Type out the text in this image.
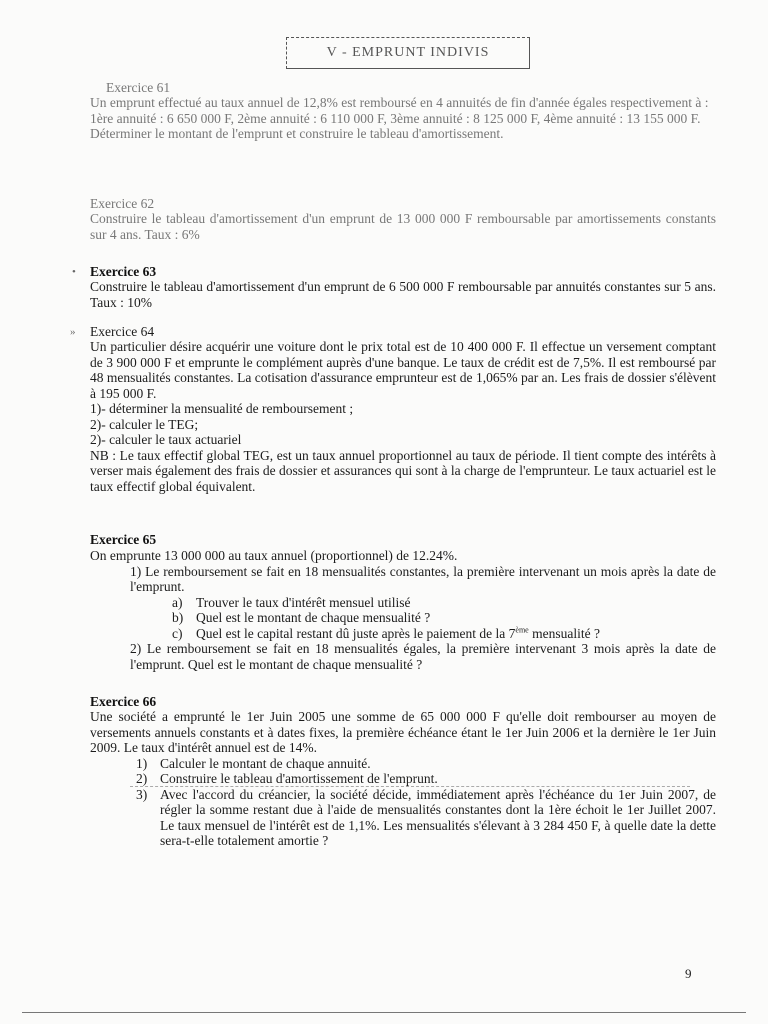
V - EMPRUNT INDIVIS
Exercice 61
Un emprunt effectué au taux annuel de 12,8% est remboursé en 4 annuités de fin d'année égales respectivement à :
1ère annuité : 6 650 000 F, 2ème annuité : 6 110 000 F, 3ème annuité : 8 125 000 F, 4ème annuité : 13 155 000 F.
Déterminer le montant de l'emprunt et construire le tableau d'amortissement.
Exercice 62
Construire le tableau d'amortissement d'un emprunt de 13 000 000 F remboursable par amortissements constants sur 4 ans. Taux : 6%
• Exercice 63
Construire le tableau d'amortissement d'un emprunt de 6 500 000 F remboursable par annuités constantes sur 5 ans. Taux : 10%
» Exercice 64
Un particulier désire acquérir une voiture dont le prix total est de 10 400 000 F. Il effectue un versement comptant de 3 900 000 F et emprunte le complément auprès d'une banque. Le taux de crédit est de 7,5%. Il est remboursé par 48 mensualités constantes. La cotisation d'assurance emprunteur est de 1,065% par an. Les frais de dossier s'élèvent à 195 000 F.
1)- déterminer la mensualité de remboursement ;
2)- calculer le TEG;
2)- calculer le taux actuariel
NB : Le taux effectif global TEG, est un taux annuel proportionnel au taux de période. Il tient compte des intérêts à verser mais également des frais de dossier et assurances qui sont à la charge de l'emprunteur. Le taux actuariel est le taux effectif global équivalent.
Exercice 65
On emprunte 13 000 000 au taux annuel (proportionnel) de 12.24%.
1) Le remboursement se fait en 18 mensualités constantes, la première intervenant un mois après la date de l'emprunt.
a)	Trouver le taux d'intérêt mensuel utilisé
b) Quel est le montant de chaque mensualité ?
c)	Quel est le capital restant dû juste après le paiement de la 7ème mensualité ?
2) Le remboursement se fait en 18 mensualités égales, la première intervenant 3 mois après la date de l'emprunt. Quel est le montant de chaque mensualité ?
Exercice 66
Une société a emprunté le 1er Juin 2005 une somme de 65 000 000 F qu'elle doit rembourser au moyen de versements annuels constants et à dates fixes, la première échéance étant le 1er Juin 2006 et la dernière le 1er Juin 2009. Le taux d'intérêt annuel est de 14%.
1) Calculer le montant de chaque annuité.
2) Construire le tableau d'amortissement de l'emprunt.
3) Avec l'accord du créancier, la société décide, immédiatement après l'échéance du 1er Juin 2007, de régler la somme restant due à l'aide de mensualités constantes dont la 1ère échoit le 1er Juillet 2007. Le taux mensuel de l'intérêt est de 1,1%. Les mensualités s'élevant à 3 284 450 F, à quelle date la dette sera-t-elle totalement amortie ?
9
